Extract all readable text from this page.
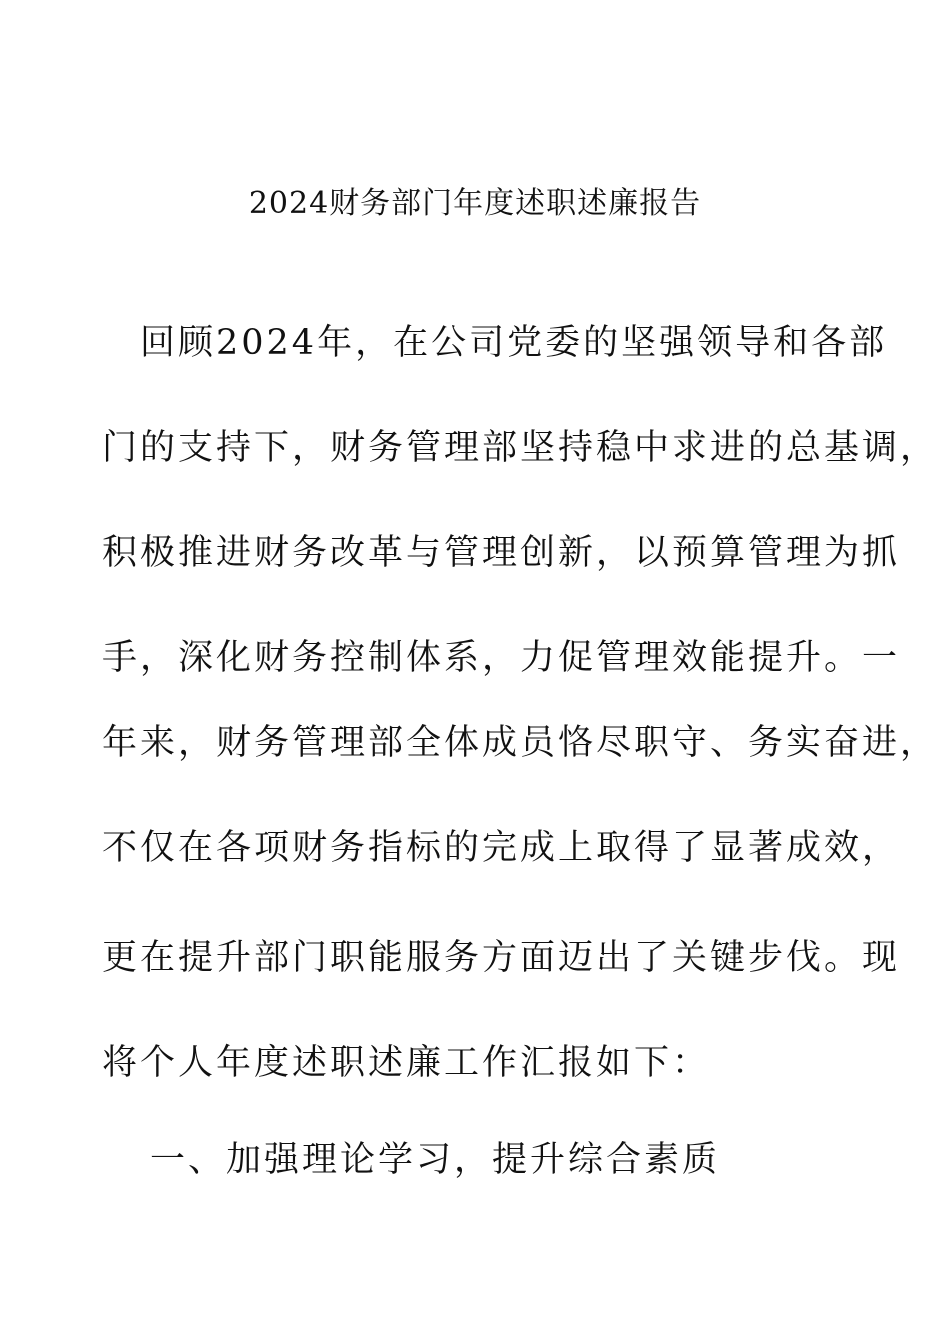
2024财务部门年度述职述廉报告
　回顾2024年，在公司党委的坚强领导和各部
门的支持下，财务管理部坚持稳中求进的总基调，
积极推进财务改革与管理创新，以预算管理为抓
手，深化财务控制体系，力促管理效能提升。一
年来，财务管理部全体成员恪尽职守、务实奋进，
不仅在各项财务指标的完成上取得了显著成效，
更在提升部门职能服务方面迈出了关键步伐。现
将个人年度述职述廉工作汇报如下：
一、加强理论学习，提升综合素质
